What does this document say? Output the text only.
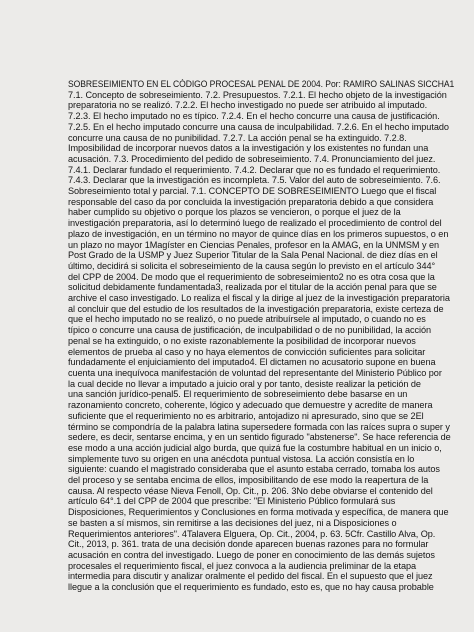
SOBRESEIMIENTO EN EL CÓDIGO PROCESAL PENAL DE 2004. Por: RAMIRO SALINAS SICCHA1
7.1. Concepto de sobreseimiento. 7.2. Presupuestos. 7.2.1. El hecho objeto de la investigación
preparatoria no se realizó. 7.2.2. El hecho investigado no puede ser atribuido al imputado.
7.2.3. El hecho imputado no es típico. 7.2.4. En el hecho concurre una causa de justificación.
7.2.5. En el hecho imputado concurre una causa de inculpabilidad. 7.2.6. En el hecho imputado
concurre una causa de no punibilidad. 7.2.7. La acción penal se ha extinguido. 7.2.8.
Imposibilidad de incorporar nuevos datos a la investigación y los existentes no fundan una
acusación. 7.3. Procedimiento del pedido de sobreseimiento. 7.4. Pronunciamiento del juez.
7.4.1. Declarar fundado el requerimiento. 7.4.2. Declarar que no es fundado el requerimiento.
7.4.3. Declarar que la investigación es incompleta. 7.5. Valor del auto de sobreseimiento. 7.6.
Sobreseimiento total y parcial. 7.1. CONCEPTO DE SOBRESEIMIENTO Luego que el fiscal
responsable del caso da por concluida la investigación preparatoria debido a que considera
haber cumplido su objetivo o porque los plazos se vencieron, o porque el juez de la
investigación preparatoria, así lo determinó luego de realizado el procedimiento de control del
plazo de investigación, en un término no mayor de quince días en los primeros supuestos, o en
un plazo no mayor 1Magíster en Ciencias Penales, profesor en la AMAG, en la UNMSM y en
Post Grado de la USMP y Juez Superior Titular de la Sala Penal Nacional. de diez días en el
último, decidirá si solicita el sobreseimiento de la causa según lo previsto en el artículo 344°
del CPP de 2004. De modo que el requerimiento de sobreseimiento2 no es otra cosa que la
solicitud debidamente fundamentada3, realizada por el titular de la acción penal para que se
archive el caso investigado. Lo realiza el fiscal y la dirige al juez de la investigación preparatoria
al concluir que del estudio de los resultados de la investigación preparatoria, existe certeza de
que el hecho imputado no se realizó, o no puede atribuírsele al imputado, o cuando no es
típico o concurre una causa de justificación, de inculpabilidad o de no punibilidad, la acción
penal se ha extinguido, o no existe razonablemente la posibilidad de incorporar nuevos
elementos de prueba al caso y no haya elementos de convicción suficientes para solicitar
fundadamente el enjuiciamiento del imputado4. El dictamen no acusatorio supone en buena
cuenta una inequívoca manifestación de voluntad del representante del Ministerio Público por
la cual decide no llevar a imputado a juicio oral y por tanto, desiste realizar la petición de
una sanción jurídico-penal5. El requerimiento de sobreseimiento debe basarse en un
razonamiento concreto, coherente, lógico y adecuado que demuestre y acredite de manera
suficiente que el requerimiento no es arbitrario, antojadizo ni apresurado, sino que se 2El
término se compondría de la palabra latina supersedere formada con las raíces supra o super y
sedere, es decir, sentarse encima, y en un sentido figurado "abstenerse". Se hace referencia de
ese modo a una acción judicial algo burda, que quizá fue la costumbre habitual en un inicio o,
simplemente tuvo su origen en una anécdota puntual vistosa. La acción consistía en lo
siguiente: cuando el magistrado consideraba que el asunto estaba cerrado, tomaba los autos
del proceso y se sentaba encima de ellos, imposibilitando de ese modo la reapertura de la
causa. Al respecto véase Nieva Fenoll, Op. Cit., p. 206. 3No debe obviarse el contenido del
artículo 64°.1 del CPP de 2004 que prescribe: "El Ministerio Público formulará sus
Disposiciones, Requerimientos y Conclusiones en forma motivada y específica, de manera que
se basten a sí mismos, sin remitirse a las decisiones del juez, ni a Disposiciones o
Requerimientos anteriores". 4Talavera Elguera, Op. Cit., 2004, p. 63. 5Cfr. Castillo Alva, Op.
Cit., 2013, p. 361. trata de una decisión donde aparecen buenas razones para no formular
acusación en contra del investigado. Luego de poner en conocimiento de las demás sujetos
procesales el requerimiento fiscal, el juez convoca a la audiencia preliminar de la etapa
intermedia para discutir y analizar oralmente el pedido del fiscal. En el supuesto que el juez
llegue a la conclusión que el requerimiento es fundado, esto es, que no hay causa probable
